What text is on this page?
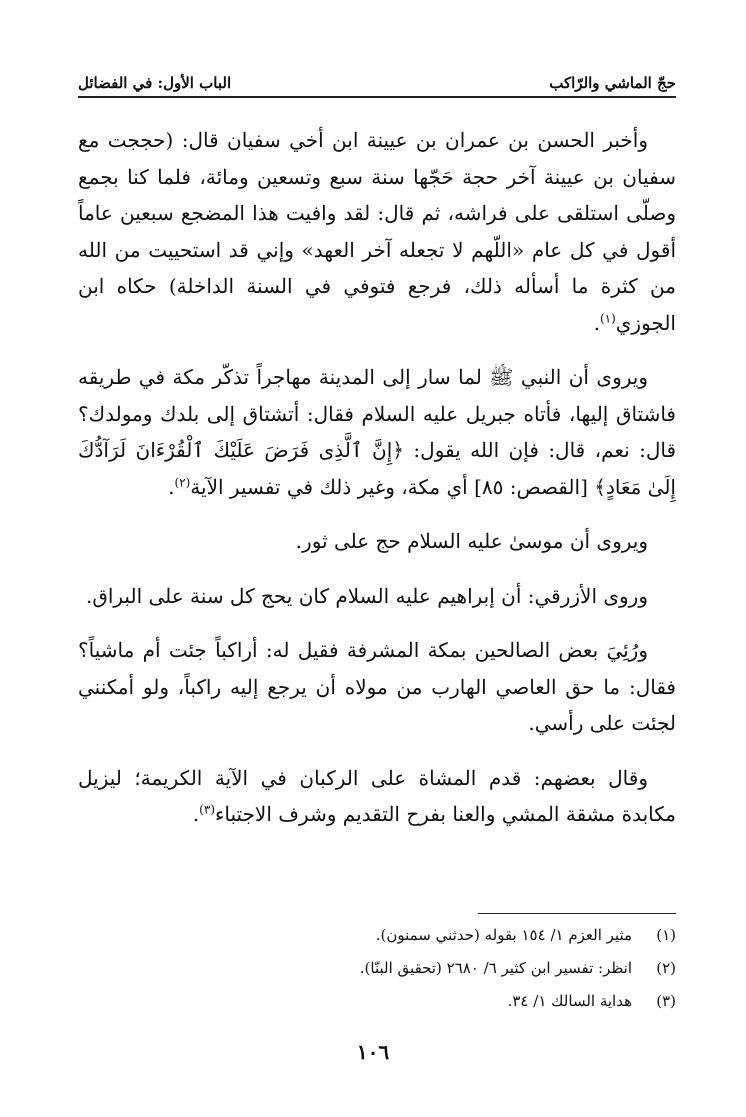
حجّ الماشي والرّاكب
الباب الأول: في الفضائل

وأخبر الحسن بن عمران بن عيينة ابن أخي سفيان قال: (حججت مع سفيان بن عيينة آخر حجة حَجّها سنة سبع وتسعين ومائة، فلما كنا بجمع وصلّى استلقى على فراشه، ثم قال: لقد وافيت هذا المضجع سبعين عاماً أقول في كل عام «اللّهم لا تجعله آخر العهد» وإني قد استحييت من الله من كثرة ما أسأله ذلك، فرجع فتوفي في السنة الداخلة) حكاه ابن الجوزي$^{(١)}$.

ويروى أن النبي ﷺ لما سار إلى المدينة مهاجراً تذكّر مكة في طريقه فاشتاق إليها، فأتاه جبريل عليه السلام فقال: أتشتاق إلى بلدك ومولدك؟ قال: نعم، قال: فإن الله يقول: ﴿إِنَّ ٱلَّذِى فَرَضَ عَلَيْكَ ٱلْقُرْءَانَ لَرَآدُّكَ إِلَىٰ مَعَادٍ﴾ [القصص: ٨٥] أي مكة، وغير ذلك في تفسير الآية$^{(٢)}$.

ويروى أن موسىٰ عليه السلام حج على ثور.

وروى الأزرقي: أن إبراهيم عليه السلام كان يحج كل سنة على البراق.

ورُئِيَ بعض الصالحين بمكة المشرفة فقيل له: أراكباً جئت أم ماشياً؟ فقال: ما حق العاصي الهارب من مولاه أن يرجع إليه راكباً، ولو أمكنني لجئت على رأسي.

وقال بعضهم: قدم المشاة على الركبان في الآية الكريمة؛ ليزيل مكابدة مشقة المشي والعنا بفرح التقديم وشرف الاجتباء$^{(٣)}$.

(١)
مثير العزم ١/ ١٥٤ بقوله (حدثني سمنون).
(٢)
انظر: تفسير ابن كثير ٦/ ٢٦٨٠ (تحقيق البنّا).
(٣)
هداية السالك ١/ ٣٤.
١٠٦
